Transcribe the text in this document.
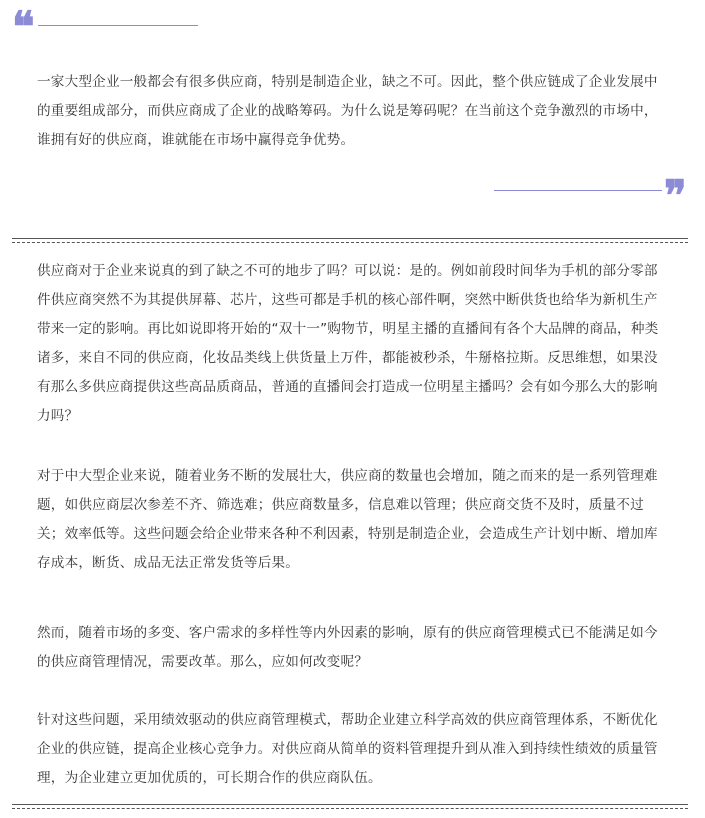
❝

一家大型企业一般都会有很多供应商，特别是制造企业，缺之不可。因此，整个供应链成了企业发展中的重要组成部分，而供应商成了企业的战略筹码。为什么说是筹码呢？在当前这个竞争激烈的市场中，谁拥有好的供应商，谁就能在市场中赢得竞争优势。

❞

供应商对于企业来说真的到了缺之不可的地步了吗？可以说：是的。例如前段时间华为手机的部分零部件供应商突然不为其提供屏幕、芯片，这些可都是手机的核心部件啊，突然中断供货也给华为新机生产带来一定的影响。再比如说即将开始的“双十一”购物节，明星主播的直播间有各个大品牌的商品，种类诸多，来自不同的供应商，化妆品类线上供货量上万件，都能被秒杀，牛掰格拉斯。反思维想，如果没有那么多供应商提供这些高品质商品，普通的直播间会打造成一位明星主播吗？会有如今那么大的影响力吗？

对于中大型企业来说，随着业务不断的发展壮大，供应商的数量也会增加，随之而来的是一系列管理难题，如供应商层次参差不齐、筛选难；供应商数量多，信息难以管理；供应商交货不及时，质量不过关；效率低等。这些问题会给企业带来各种不利因素，特别是制造企业，会造成生产计划中断、增加库存成本，断货、成品无法正常发货等后果。

然而，随着市场的多变、客户需求的多样性等内外因素的影响，原有的供应商管理模式已不能满足如今的供应商管理情况，需要改革。那么，应如何改变呢？

针对这些问题，采用绩效驱动的供应商管理模式，帮助企业建立科学高效的供应商管理体系，不断优化企业的供应链，提高企业核心竞争力。对供应商从简单的资料管理提升到从准入到持续性绩效的质量管理，为企业建立更加优质的，可长期合作的供应商队伍。
